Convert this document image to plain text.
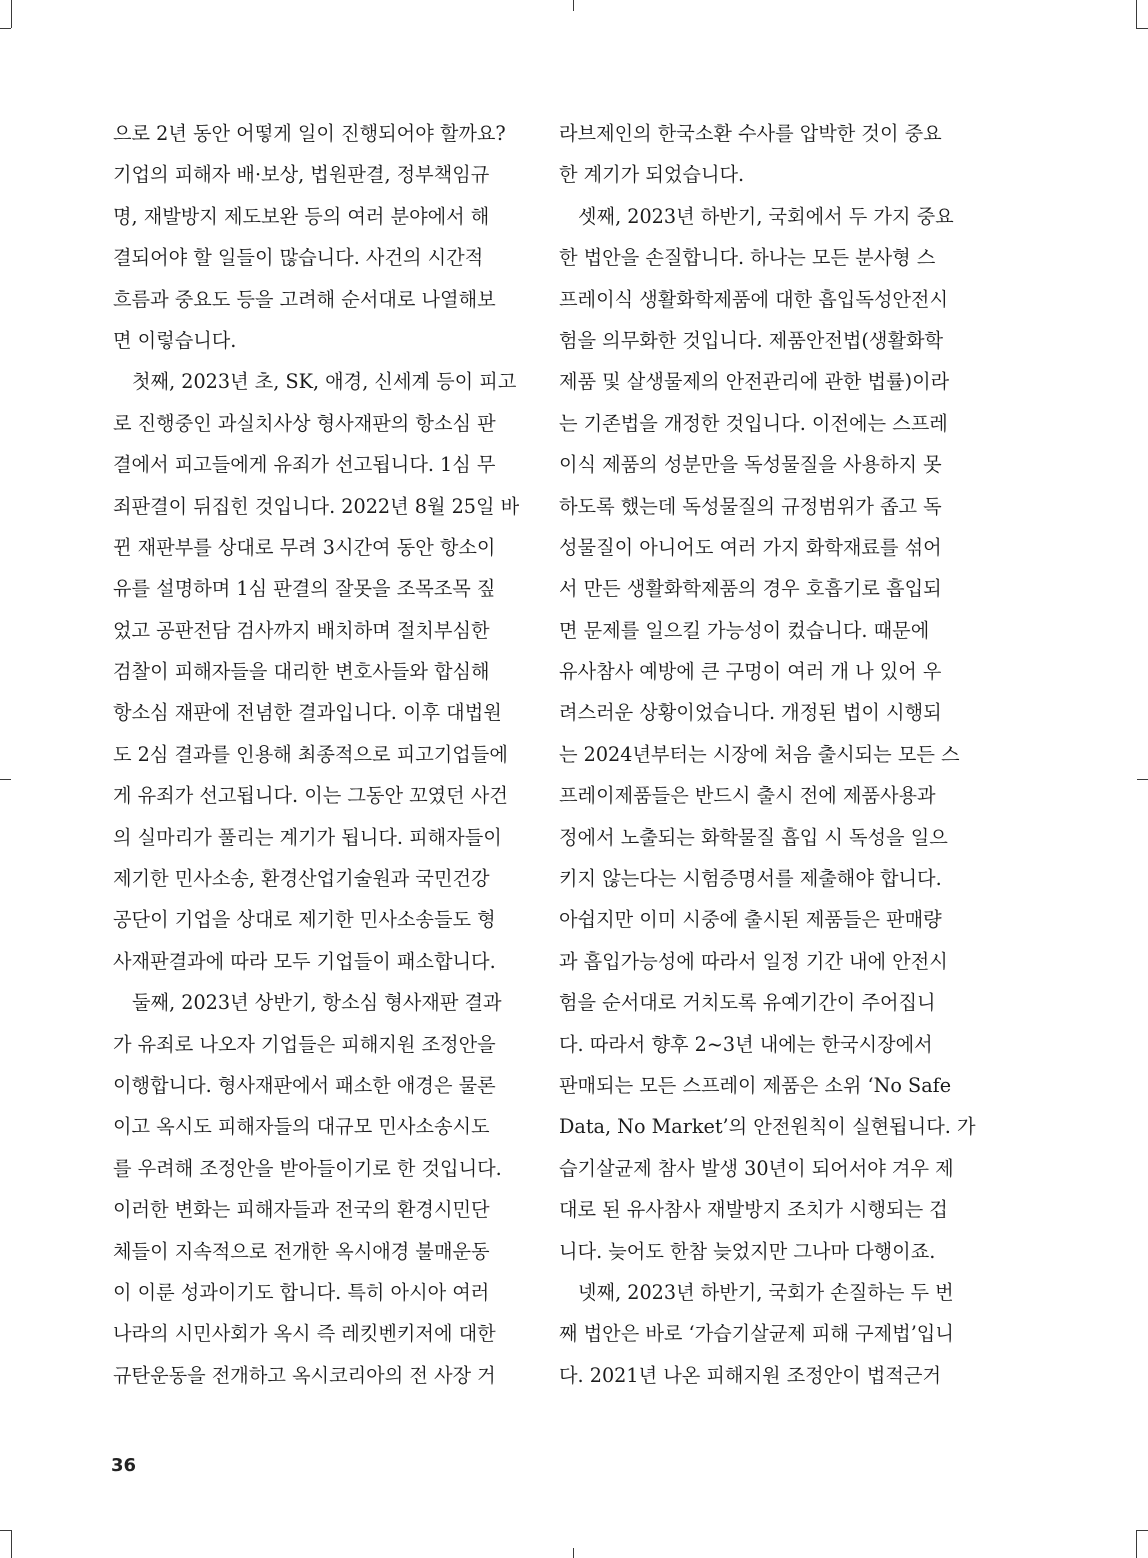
으로 2년 동안 어떻게 일이 진행되어야 할까요?
기업의 피해자 배·보상, 법원판결, 정부책임규
명, 재발방지 제도보완 등의 여러 분야에서 해
결되어야 할 일들이 많습니다. 사건의 시간적
흐름과 중요도 등을 고려해 순서대로 나열해보
면 이렇습니다.
첫째, 2023년 초, SK, 애경, 신세계 등이 피고
로 진행중인 과실치사상 형사재판의 항소심 판
결에서 피고들에게 유죄가 선고됩니다. 1심 무
죄판결이 뒤집힌 것입니다. 2022년 8월 25일 바
뀐 재판부를 상대로 무려 3시간여 동안 항소이
유를 설명하며 1심 판결의 잘못을 조목조목 짚
었고 공판전담 검사까지 배치하며 절치부심한
검찰이 피해자들을 대리한 변호사들와 합심해
항소심 재판에 전념한 결과입니다. 이후 대법원
도 2심 결과를 인용해 최종적으로 피고기업들에
게 유죄가 선고됩니다. 이는 그동안 꼬였던 사건
의 실마리가 풀리는 계기가 됩니다. 피해자들이
제기한 민사소송, 환경산업기술원과 국민건강
공단이 기업을 상대로 제기한 민사소송들도 형
사재판결과에 따라 모두 기업들이 패소합니다.
둘째, 2023년 상반기, 항소심 형사재판 결과
가 유죄로 나오자 기업들은 피해지원 조정안을
이행합니다. 형사재판에서 패소한 애경은 물론
이고 옥시도 피해자들의 대규모 민사소송시도
를 우려해 조정안을 받아들이기로 한 것입니다.
이러한 변화는 피해자들과 전국의 환경시민단
체들이 지속적으로 전개한 옥시애경 불매운동
이 이룬 성과이기도 합니다. 특히 아시아 여러
나라의 시민사회가 옥시 즉 레킷벤키저에 대한
규탄운동을 전개하고 옥시코리아의 전 사장 거
라브제인의 한국소환 수사를 압박한 것이 중요
한 계기가 되었습니다.
셋째, 2023년 하반기, 국회에서 두 가지 중요
한 법안을 손질합니다. 하나는 모든 분사형 스
프레이식 생활화학제품에 대한 흡입독성안전시
험을 의무화한 것입니다. 제품안전법(생활화학
제품 및 살생물제의 안전관리에 관한 법률)이라
는 기존법을 개정한 것입니다. 이전에는 스프레
이식 제품의 성분만을 독성물질을 사용하지 못
하도록 했는데 독성물질의 규정범위가 좁고 독
성물질이 아니어도 여러 가지 화학재료를 섞어
서 만든 생활화학제품의 경우 호흡기로 흡입되
면 문제를 일으킬 가능성이 컸습니다. 때문에
유사참사 예방에 큰 구멍이 여러 개 나 있어 우
려스러운 상황이었습니다. 개정된 법이 시행되
는 2024년부터는 시장에 처음 출시되는 모든 스
프레이제품들은 반드시 출시 전에 제품사용과
정에서 노출되는 화학물질 흡입 시 독성을 일으
키지 않는다는 시험증명서를 제출해야 합니다.
아쉽지만 이미 시중에 출시된 제품들은 판매량
과 흡입가능성에 따라서 일정 기간 내에 안전시
험을 순서대로 거치도록 유예기간이 주어집니
다. 따라서 향후 2~3년 내에는 한국시장에서
판매되는 모든 스프레이 제품은 소위 ‘No Safe
Data, No Market’의 안전원칙이 실현됩니다. 가
습기살균제 참사 발생 30년이 되어서야 겨우 제
대로 된 유사참사 재발방지 조치가 시행되는 겁
니다. 늦어도 한참 늦었지만 그나마 다행이죠.
넷째, 2023년 하반기, 국회가 손질하는 두 번
째 법안은 바로 ‘가습기살균제 피해 구제법’입니
다. 2021년 나온 피해지원 조정안이 법적근거
36
